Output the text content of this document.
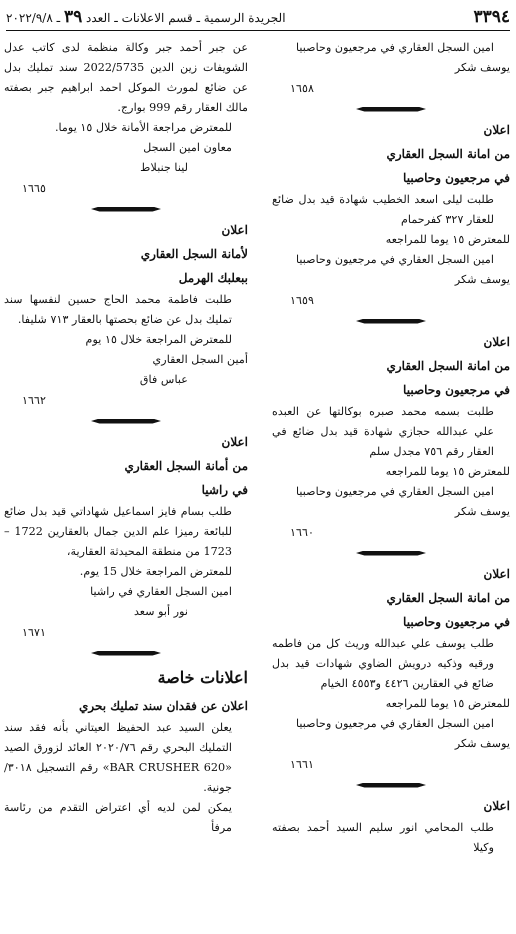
٣٣٩٤
الجريدة الرسمية ـ قسم الاعلانات ـ العدد ٣٩ ـ ٢٠٢٢/٩/٨

امين السجل العقاري في مرجعيون وحاصبيا

يوسف شكر

١٦٥٨

اعلان

من امانة السجل العقاري

في مرجعيون وحاصبيا

طلبت ليلى اسعد الخطيب شهادة قيد بدل ضائع للعقار ٣٢٧ كفرحمام

للمعترض ١٥ يوما للمراجعه

امين السجل العقاري في مرجعيون وحاصبيا

يوسف شكر

١٦٥٩

اعلان

من امانة السجل العقاري

في مرجعيون وحاصبيا

طلبت بسمه محمد صبره بوكالتها عن العبده علي عبدالله حجازي شهادة قيد بدل ضائع في العقار رقم ٧٥٦ مجدل سلم

للمعترض ١٥ يوما للمراجعه

امين السجل العقاري في مرجعيون وحاصبيا

يوسف شكر

١٦٦٠

اعلان

من امانة السجل العقاري

في مرجعيون وحاصبيا

طلب يوسف علي عبدالله وريث كل من فاطمه ورقيه وذكيه درويش الضاوي شهادات قيد بدل ضائع في العقارين ٤٤٢٦ و٤٥٥٣ الخيام

للمعترض ١٥ يوما للمراجعه

امين السجل العقاري في مرجعيون وحاصبيا

يوسف شكر

١٦٦١

اعلان

طلب المحامي انور سليم السيد أحمد بصفته وكيلا

عن جبر أحمد جبر وكالة منظمة لدى كاتب عدل الشويفات زين الدين 2022/5735 سند تمليك بدل عن ضائع لمورث الموكل احمد ابراهيم جبر بصفته مالك العقار رقم 999 بوارج.

للمعترض مراجعة الأمانة خلال ١٥ يوما.

معاون امين السجل

لينا جنبلاط

١٦٦٥

اعلان

لأمانة السجل العقاري

ببعلبك الهرمل

طلبت فاطمة محمد الحاج حسين لنفسها سند تمليك بدل عن ضائع بحصتها بالعقار ٧١٣ شليفا.

للمعترض المراجعة خلال ١٥ يوم

أمين السجل العقاري

عباس فاق

١٦٦٢

اعلان

من أمانة السجل العقاري

في راشيا

طلب بسام فايز اسماعيل شهاداتي قيد بدل ضائع للبائعة رميزا علم الدين جمال بالعقارين 1722 – 1723 من منطقة المحيدثة العقارية،

للمعترض المراجعة خلال 15 يوم.

امين السجل العقاري في راشيا

نور أبو سعد

١٦٧١

اعلانات خاصة

اعلان عن فقدان سند تمليك بحري

يعلن السيد عبد الحفيظ العيتاني بأنه فقد سند التمليك البحري رقم ٢٠٢٠/٧٦ العائد لزورق الصيد «BAR CRUSHER 620» رقم التسجيل ٣٠١٨/ جونية.

يمكن لمن لديه أي اعتراض التقدم من رئاسة مرفأ
